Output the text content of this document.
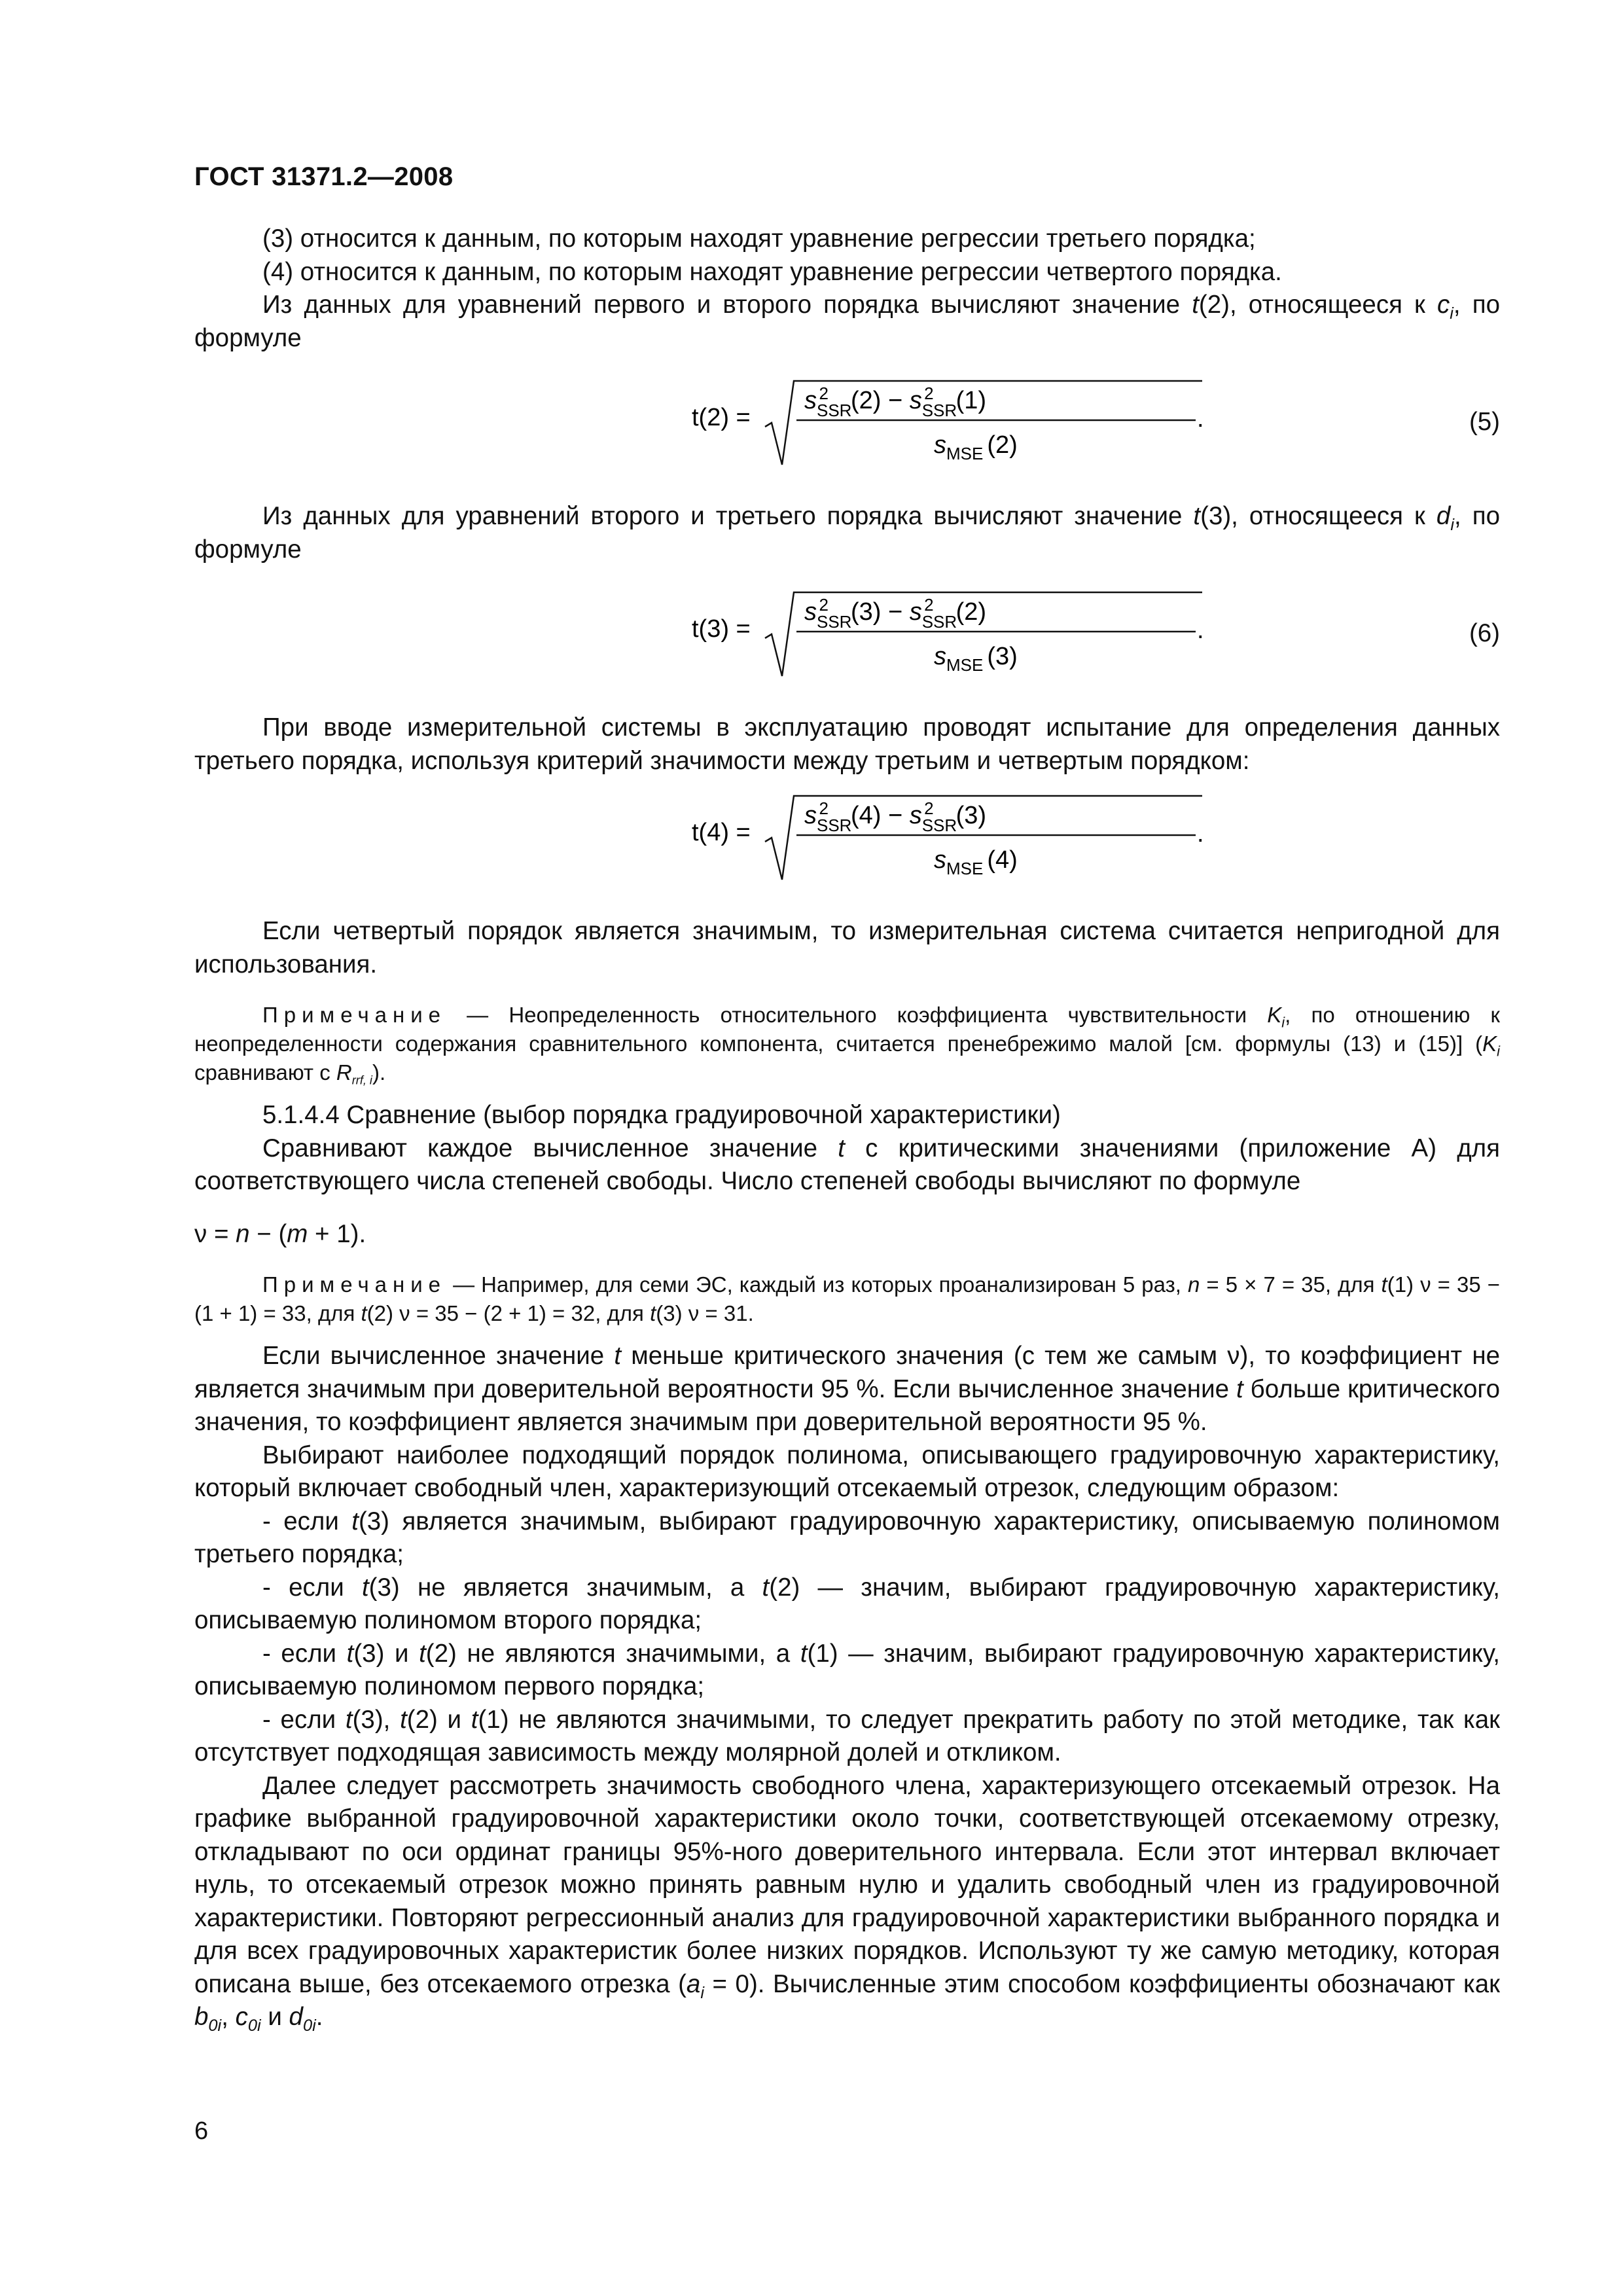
ГОСТ 31371.2—2008

(3) относится к данным, по которым находят уравнение регрессии третьего порядка;

(4) относится к данным, по которым находят уравнение регрессии четвертого порядка.

Из данных для уравнений первого и второго порядка вычисляют значение t(2), относящееся к $c_i$, по формуле

t(2) =
$s_{SSR}2$ $(2) - s_{SSR}2$ (1)
$s_{MSE}$ (2)
.	(5)

Из данных для уравнений второго и третьего порядка вычисляют значение t(3), относящееся к $d_i$, по формуле

t(3) =
$s_{SSR}2$ $(3) - s_{SSR}2$ (2)
$s_{MSE}$ (3)
.	(6)

При вводе измерительной системы в эксплуатацию проводят испытание для определения данных третьего порядка, используя критерий значимости между третьим и четвертым порядком:

t(4) =
$s_{SSR}2$ $(4) - s_{SSR}2$ (3)
$s_{MSE}$ (4)
.

Если четвертый порядок является значимым, то измерительная система считается непригодной для использования.

Примечание — Неопределенность относительного коэффициента чувствительности $K_i$, по отношению к неопределенности содержания сравнительного компонента, считается пренебрежимо малой [см. формулы (13) и (15)] ($K_i$ сравнивают с $R_{rrf, i}$).

5.1.4.4 Сравнение (выбор порядка градуировочной характеристики)

Сравнивают каждое вычисленное значение t с критическими значениями (приложение А) для соответствующего числа степеней свободы. Число степеней свободы вычисляют по формуле

ν = n − (m + 1).

Примечание — Например, для семи ЭС, каждый из которых проанализирован 5 раз, n = 5 × 7 = 35, для t(1) ν = 35 − (1 + 1) = 33, для t(2) ν = 35 − (2 + 1) = 32, для t(3) ν = 31.

Если вычисленное значение t меньше критического значения (с тем же самым ν), то коэффициент не является значимым при доверительной вероятности 95 %. Если вычисленное значение t больше критического значения, то коэффициент является значимым при доверительной вероятности 95 %.

Выбирают наиболее подходящий порядок полинома, описывающего градуировочную характеристику, который включает свободный член, характеризующий отсекаемый отрезок, следующим образом:

- если t(3) является значимым, выбирают градуировочную характеристику, описываемую полиномом третьего порядка;

- если t(3) не является значимым, а t(2) — значим, выбирают градуировочную характеристику, описываемую полиномом второго порядка;

- если t(3) и t(2) не являются значимыми, а t(1) — значим, выбирают градуировочную характеристику, описываемую полиномом первого порядка;

- если t(3), t(2) и t(1) не являются значимыми, то следует прекратить работу по этой методике, так как отсутствует подходящая зависимость между молярной долей и откликом.

Далее следует рассмотреть значимость свободного члена, характеризующего отсекаемый отрезок. На графике выбранной градуировочной характеристики около точки, соответствующей отсекаемому отрезку, откладывают по оси ординат границы 95%-ного доверительного интервала. Если этот интервал включает нуль, то отсекаемый отрезок можно принять равным нулю и удалить свободный член из градуировочной характеристики. Повторяют регрессионный анализ для градуировочной характеристики выбранного порядка и для всех градуировочных характеристик более низких порядков. Используют ту же самую методику, которая описана выше, без отсекаемого отрезка $(a_i = 0)$. Вычисленные этим способом коэффициенты обозначают как $b_{0i}$, $c_{0i}$ и $d_{0i}$.

6
